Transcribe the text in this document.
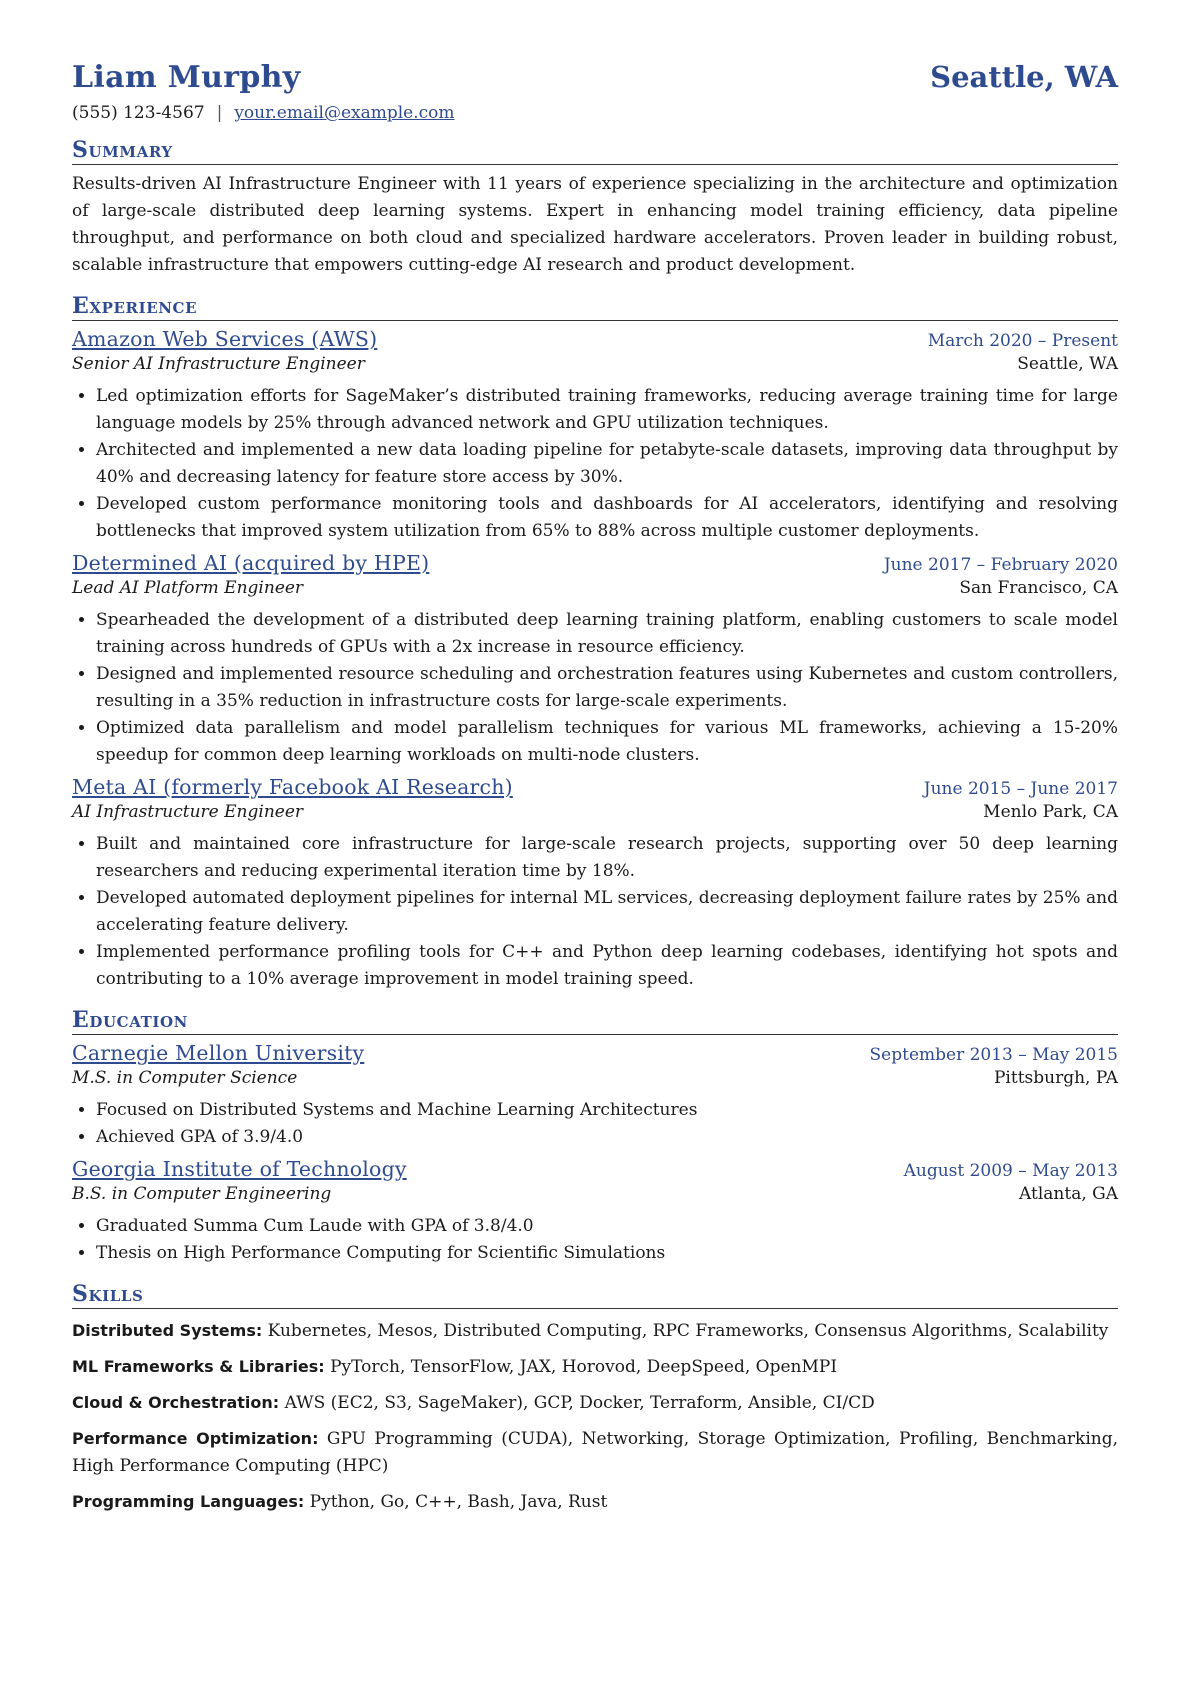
Liam Murphy	Seattle, WA
(555) 123-4567 | your.email@example.com
Summary
Results-driven AI Infrastructure Engineer with 11 years of experience specializing in the architecture and optimization of large-scale distributed deep learning systems. Expert in enhancing model training efficiency, data pipeline throughput, and performance on both cloud and specialized hardware accelerators. Proven leader in building robust, scalable infrastructure that empowers cutting-edge AI research and product development.
Experience
Amazon Web Services (AWS)	March 2020 – Present
Senior AI Infrastructure Engineer	Seattle, WA
• Led optimization efforts for SageMaker’s distributed training frameworks, reducing average training time for large language models by 25% through advanced network and GPU utilization techniques.
• Architected and implemented a new data loading pipeline for petabyte-scale datasets, improving data throughput by 40% and decreasing latency for feature store access by 30%.
• Developed custom performance monitoring tools and dashboards for AI accelerators, identifying and resolving bottlenecks that improved system utilization from 65% to 88% across multiple customer deployments.
Determined AI (acquired by HPE)	June 2017 – February 2020
Lead AI Platform Engineer	San Francisco, CA
• Spearheaded the development of a distributed deep learning training platform, enabling customers to scale model training across hundreds of GPUs with a 2x increase in resource efficiency.
• Designed and implemented resource scheduling and orchestration features using Kubernetes and custom controllers, resulting in a 35% reduction in infrastructure costs for large-scale experiments.
• Optimized data parallelism and model parallelism techniques for various ML frameworks, achieving a 15-20% speedup for common deep learning workloads on multi-node clusters.
Meta AI (formerly Facebook AI Research)	June 2015 – June 2017
AI Infrastructure Engineer	Menlo Park, CA
• Built and maintained core infrastructure for large-scale research projects, supporting over 50 deep learning researchers and reducing experimental iteration time by 18%.
• Developed automated deployment pipelines for internal ML services, decreasing deployment failure rates by 25% and accelerating feature delivery.
• Implemented performance profiling tools for C++ and Python deep learning codebases, identifying hot spots and contributing to a 10% average improvement in model training speed.
Education
Carnegie Mellon University	September 2013 – May 2015
M.S. in Computer Science	Pittsburgh, PA
• Focused on Distributed Systems and Machine Learning Architectures
• Achieved GPA of 3.9/4.0
Georgia Institute of Technology	August 2009 – May 2013
B.S. in Computer Engineering	Atlanta, GA
• Graduated Summa Cum Laude with GPA of 3.8/4.0
• Thesis on High Performance Computing for Scientific Simulations
Skills
Distributed Systems: Kubernetes, Mesos, Distributed Computing, RPC Frameworks, Consensus Algorithms, Scalability
ML Frameworks & Libraries: PyTorch, TensorFlow, JAX, Horovod, DeepSpeed, OpenMPI
Cloud & Orchestration: AWS (EC2, S3, SageMaker), GCP, Docker, Terraform, Ansible, CI/CD
Performance Optimization: GPU Programming (CUDA), Networking, Storage Optimization, Profiling, Benchmarking, High Performance Computing (HPC)
Programming Languages: Python, Go, C++, Bash, Java, Rust
